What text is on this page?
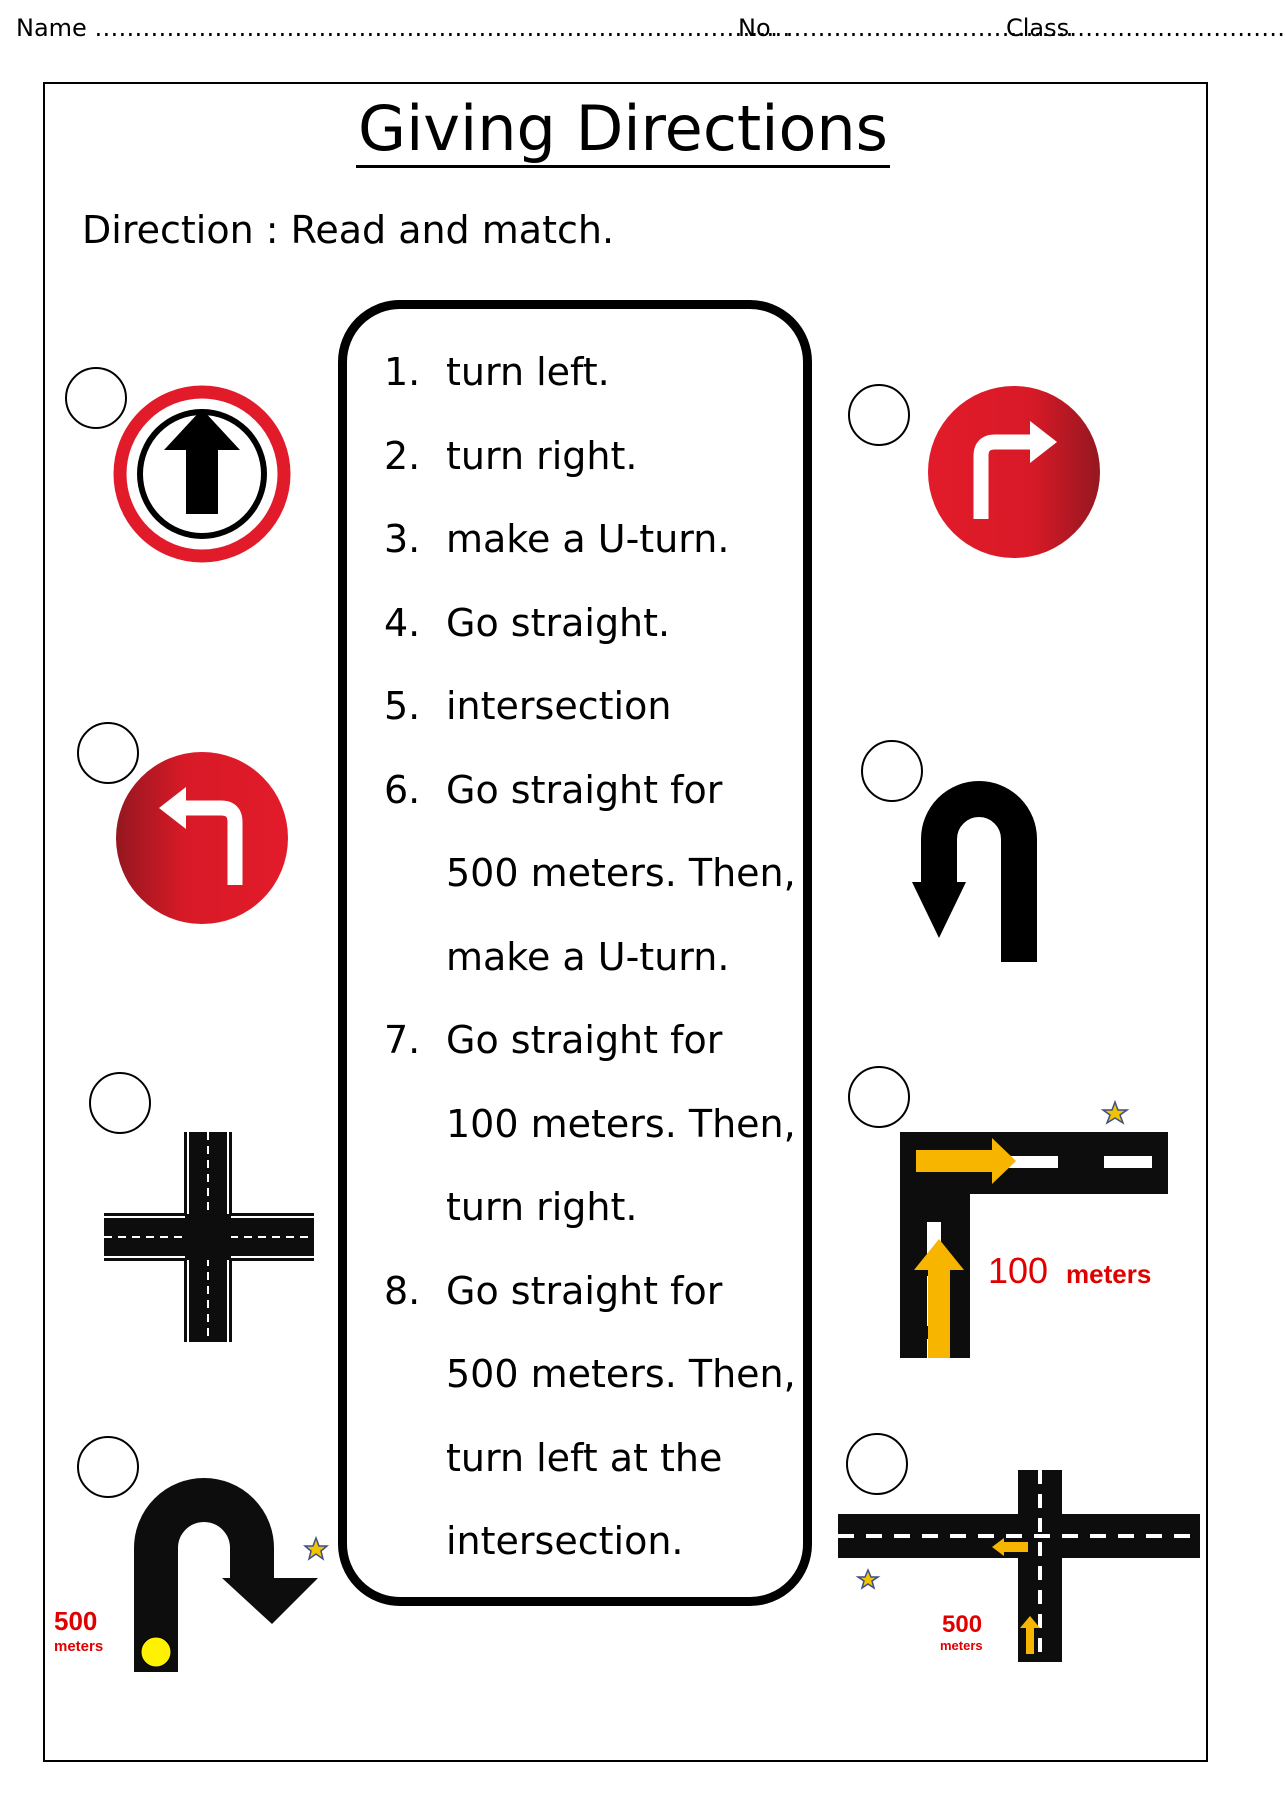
Name ……………………………………………………………………………
No. ………………………………
Class………………………
Giving Directions
Direction : Read and match.
1. turn left.
2. turn right.
3. make a U-turn.
4. Go straight.
5. intersection
6. Go straight for
500 meters. Then,
make a U-turn.
7. Go straight for
100 meters. Then,
turn right.
8. Go straight for
500 meters. Then,
turn left at the
intersection.
100 meters
500
meters
500
meters
